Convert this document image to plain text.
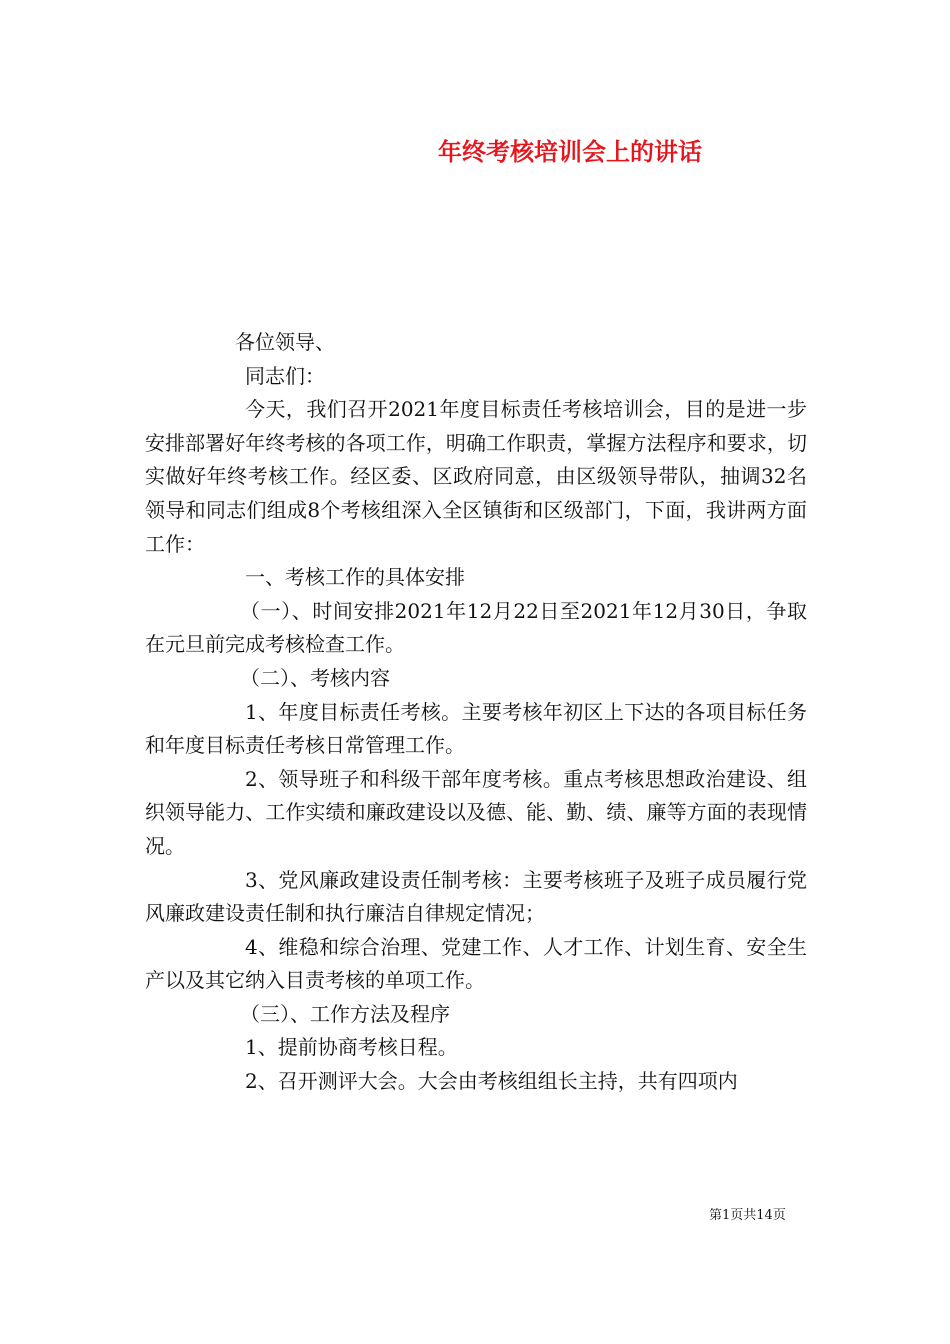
年终考核培训会上的讲话

各位领导、

同志们：

今天，我们召开2021年度目标责任考核培训会，目的是进一步安排部署好年终考核的各项工作，明确工作职责，掌握方法程序和要求，切实做好年终考核工作。经区委、区政府同意，由区级领导带队，抽调32名领导和同志们组成8个考核组深入全区镇街和区级部门，下面，我讲两方面工作：

一、考核工作的具体安排

（一）、时间安排2021年12月22日至2021年12月30日，争取在元旦前完成考核检查工作。

（二）、考核内容

1、年度目标责任考核。主要考核年初区上下达的各项目标任务和年度目标责任考核日常管理工作。

2、领导班子和科级干部年度考核。重点考核思想政治建设、组织领导能力、工作实绩和廉政建设以及德、能、勤、绩、廉等方面的表现情况。

3、党风廉政建设责任制考核：主要考核班子及班子成员履行党风廉政建设责任制和执行廉洁自律规定情况；

4、维稳和综合治理、党建工作、人才工作、计划生育、安全生产以及其它纳入目责考核的单项工作。

（三）、工作方法及程序

1、提前协商考核日程。

2、召开测评大会。大会由考核组组长主持，共有四项内

第1页共14页
